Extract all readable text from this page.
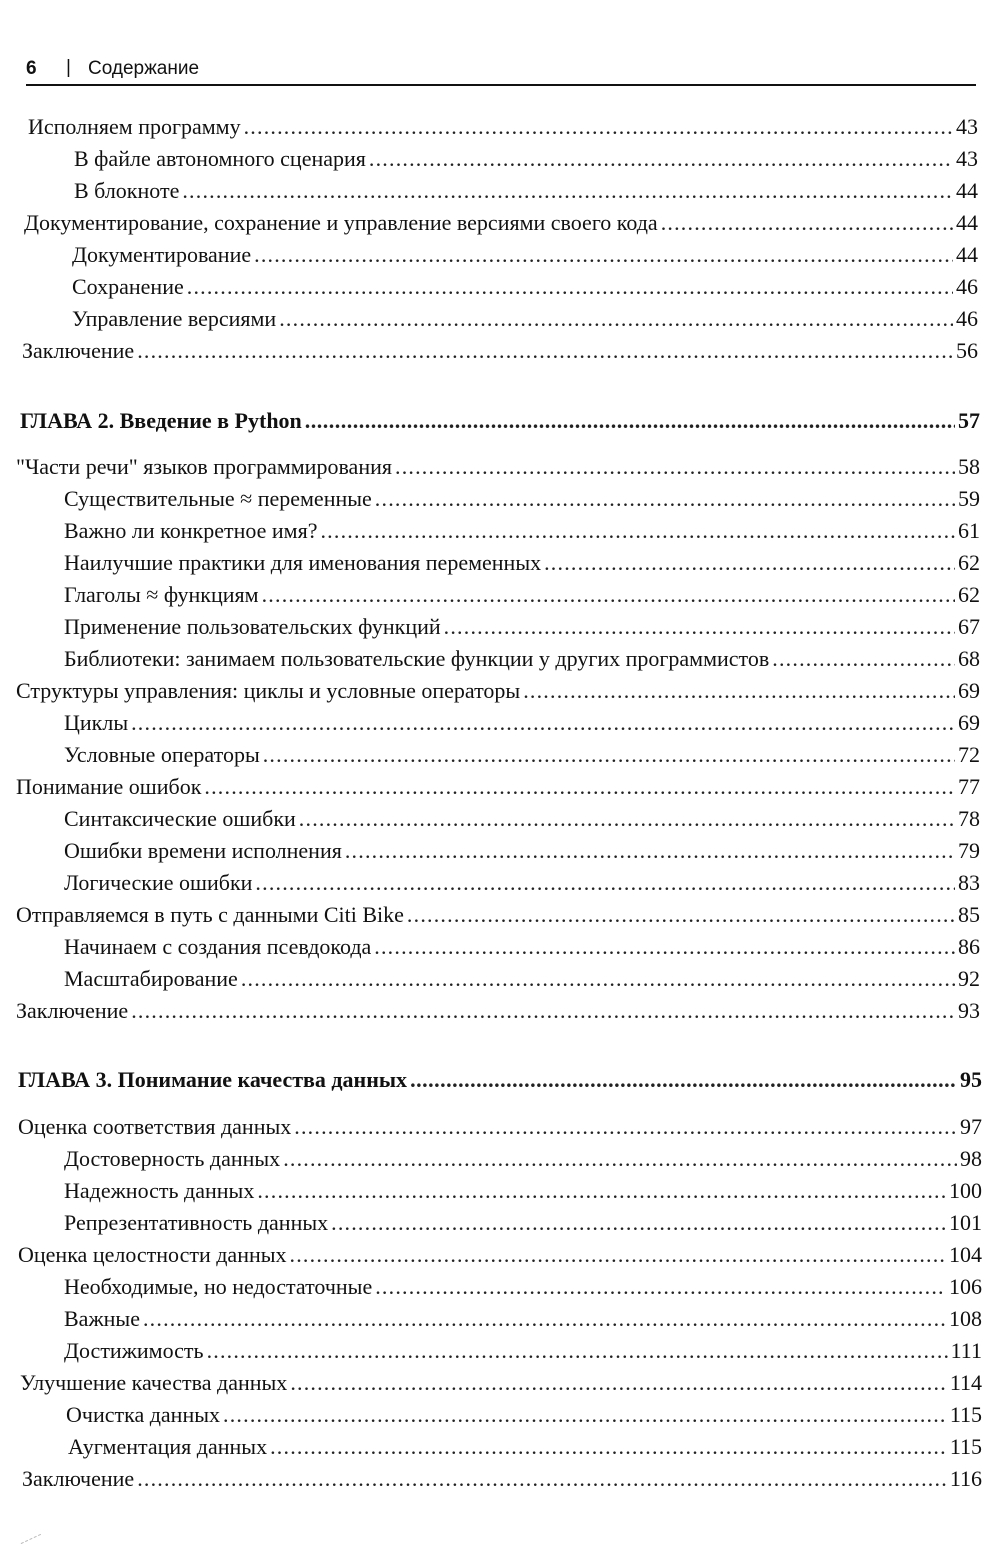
6 | Содержание
Исполняем программу .....	43
В файле автономного сценария .....	43
В блокноте .....	44
Документирование, сохранение и управление версиями своего кода .....	44
Документирование .....	44
Сохранение .....	46
Управление версиями .....	46
Заключение .....	56
ГЛАВА 2. Введение в Python .....	57
"Части речи" языков программирования .....	58
Существительные ≈ переменные .....	59
Важно ли конкретное имя? .....	61
Наилучшие практики для именования переменных .....	62
Глаголы ≈ функциям .....	62
Применение пользовательских функций .....	67
Библиотеки: занимаем пользовательские функции у других программистов .....	68
Структуры управления: циклы и условные операторы .....	69
Циклы .....	69
Условные операторы .....	72
Понимание ошибок .....	77
Синтаксические ошибки .....	78
Ошибки времени исполнения .....	79
Логические ошибки .....	83
Отправляемся в путь с данными Citi Bike .....	85
Начинаем с создания псевдокода .....	86
Масштабирование .....	92
Заключение .....	93
ГЛАВА 3. Понимание качества данных .....	95
Оценка соответствия данных .....	97
Достоверность данных .....	98
Надежность данных .....	100
Репрезентативность данных .....	101
Оценка целостности данных .....	104
Необходимые, но недостаточные .....	106
Важные .....	108
Достижимость .....	111
Улучшение качества данных .....	114
Очистка данных .....	115
Аугментация данных .....	115
Заключение .....	116
